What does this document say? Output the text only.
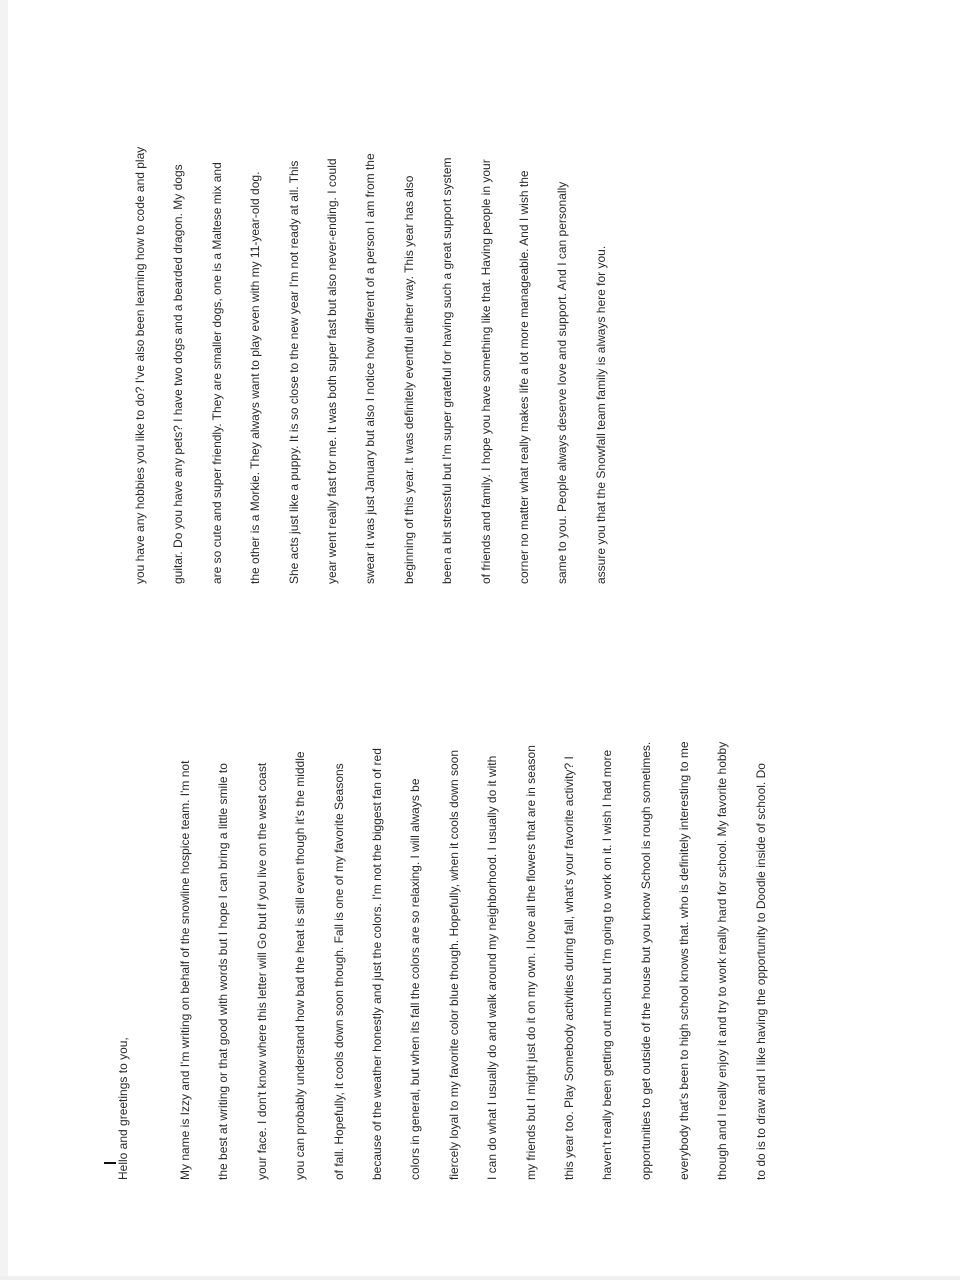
Hello and greetings to you,	My name is Izzy and I'm writing on behalf of the snowline hospice team. I'm not	the best at writing or that good with words but I hope I can bring a little smile to	your face. I don't know where this letter will Go but if you live on the west coast	you can probably understand how bad the heat is still even though it's the middle	of fall. Hopefully, it cools down soon though. Fall is one of my favorite Seasons	because of the weather honestly and just the colors. I'm not the biggest fan of red	colors in general, but when its fall the colors are so relaxing. I will always be	fiercely loyal to my favorite color blue though. Hopefully, when it cools down soon	I can do what I usually do and walk around my neighborhood. I usually do it with	my friends but I might just do it on my own. I love all the flowers that are in season	this year too. Play Somebody activities during fall, what's your favorite activity? I	haven't really been getting out much but I'm going to work on it. I wish I had more	opportunities to get outside of the house but you know School is rough sometimes.	everybody that's been to high school knows that. who is definitely interesting to me	though and I really enjoy it and try to work really hard for school. My favorite hobby	to do is to draw and I like having the opportunity to Doodle inside of school. Do
you have any hobbies you like to do? I've also been learning how to code and play	guitar. Do you have any pets? I have two dogs and a bearded dragon. My dogs	are so cute and super friendly. They are smaller dogs, one is a Maltese mix and	the other is a Morkie. They always want to play even with my 11-year-old dog.	She acts just like a puppy. It is so close to the new year I'm not ready at all. This	year went really fast for me. It was both super fast but also never-ending. I could	swear it was just January but also I notice how different of a person I am from the	beginning of this year. It was definitely eventful either way. This year has also	been a bit stressful but I'm super grateful for having such a great support system	of friends and family. I hope you have something like that. Having people in your	corner no matter what really makes life a lot more manageable. And I wish the	same to you. People always deserve love and support. And I can personally	assure you that the Snowfall team family is always here for you.
